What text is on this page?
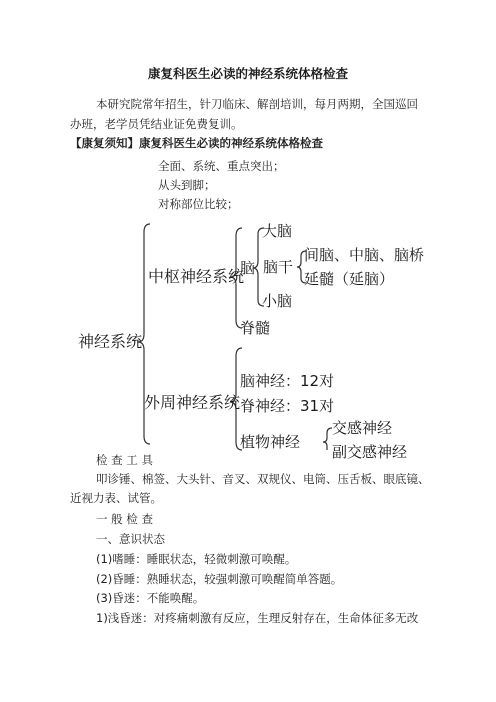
康复科医生必读的神经系统体格检查
本研究院常年招生，针刀临床、解剖培训，每月两期，全国巡回
办班，老学员凭结业证免费复训。
【康复须知】康复科医生必读的神经系统体格检查
全面、系统、重点突出；
从头到脚；
对称部位比较；
神经系统
中枢神经系统
脑
大脑
脑干
间脑、中脑、脑桥
延髓（延脑）
小脑
脊髓
外周神经系统
脑神经：12对
脊神经：31对
植物神经
交感神经
副交感神经
检 查 工 具
叩诊锤、棉签、大头针、音叉、双规仪、电筒、压舌板、眼底镜、
近视力表、试管。
一 般 检 查
一、意识状态
(1)嗜睡：睡眠状态，轻微刺激可唤醒。
(2)昏睡：熟睡状态，较强刺激可唤醒简单答题。
(3)昏迷：不能唤醒。
1)浅昏迷：对疼痛刺激有反应，生理反射存在，生命体征多无改
